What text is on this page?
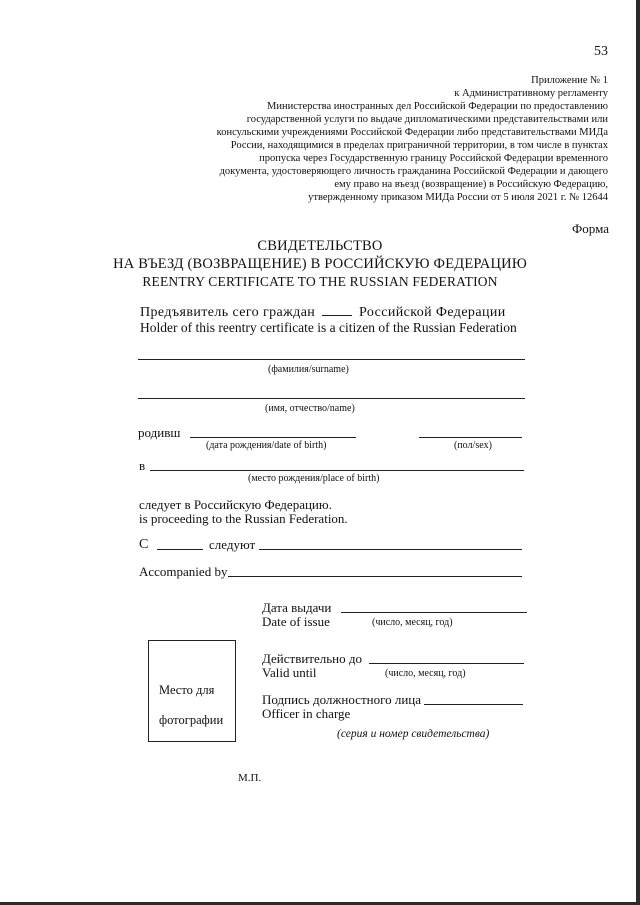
53
Приложение № 1
к Административному регламенту
Министерства иностранных дел Российской Федерации по предоставлению
государственной услуги по выдаче дипломатическими представительствами или
консульскими учреждениями Российской Федерации либо представительствами МИДа
России, находящимися в пределах приграничной территории, в том числе в пунктах
пропуска через Государственную границу Российской Федерации временного
документа, удостоверяющего личность гражданина Российской Федерации и дающего
ему право на въезд (возвращение) в Российскую Федерацию,
утвержденному приказом МИДа России от 5 июля 2021 г. № 12644
Форма
СВИДЕТЕЛЬСТВО
НА ВЪЕЗД (ВОЗВРАЩЕНИЕ) В РОССИЙСКУЮ ФЕДЕРАЦИЮ
REENTRY CERTIFICATE TO THE RUSSIAN FEDERATION
Предъявитель сего граждан	Российской Федерации
Holder of this reentry certificate is a citizen of the Russian Federation
(фамилия/surname)
(имя, отчество/name)
родивш
(дата рождения/date of birth)	(пол/sex)
в
(место рождения/place of birth)
следует в Российскую Федерацию.
is proceeding to the Russian Federation.
С	следуют
Accompanied by
Дата выдачи
Date of issue	(число, месяц, год)
Место для
фотографии
Действительно до
Valid until	(число, месяц, год)
Подпись должностного лица
Officer in charge
(серия и номер свидетельства)
М.П.
